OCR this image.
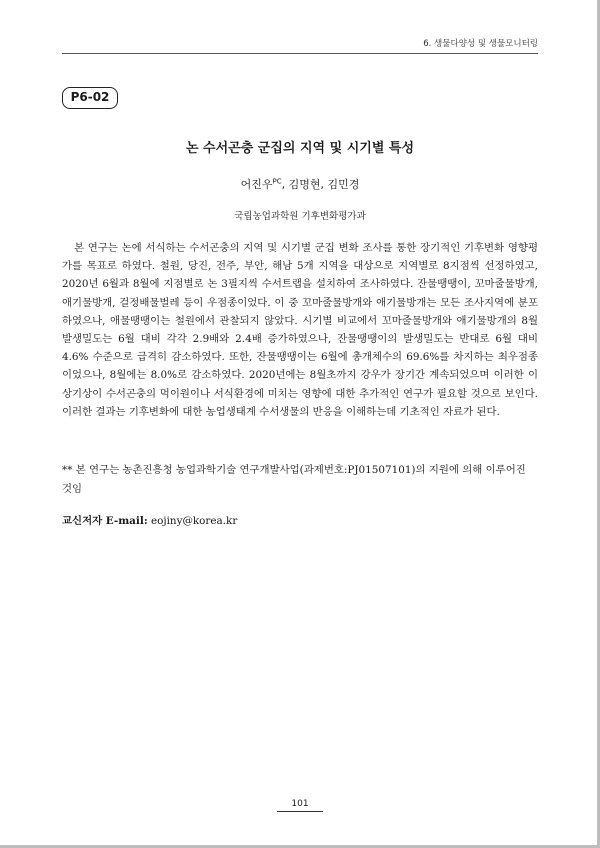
6. 생물다양성 및 생물모니터링
P6-02
논 수서곤충 군집의 지역 및 시기별 특성
어진우$^{PC}$, 김명현, 김민경
국립농업과학원 기후변화평가과

본 연구는 논에 서식하는 수서곤충의 지역 및 시기별 군집 변화 조사를 통한 장기적인 기후변화 영향평가를 목표로 하였다. 철원, 당진, 전주, 부안, 해남 5개 지역을 대상으로 지역별로 8지점씩 선정하였고, 2020년 6월과 8월에 지점별로 논 3필지씩 수서트랩을 설치하여 조사하였다. 잔물땡땡이, 꼬마줄물방개, 애기물방개, 걸정배물벌레 등이 우점종이었다. 이 중 꼬마줄물방개와 애기물방개는 모든 조사지역에 분포하였으나, 애물땡땡이는 철원에서 관찰되지 않았다. 시기별 비교에서 꼬마줄물방개와 애기물방개의 8월 발생밀도는 6월 대비 각각 2.9배와 2.4배 증가하였으나, 잔물땡땡이의 발생밀도는 반대로 6월 대비 4.6% 수준으로 급격히 감소하였다. 또한, 잔물땡땡이는 6월에 총개체수의 69.6%를 차지하는 최우점종이었으나, 8월에는 8.0%로 감소하였다. 2020년에는 8월초까지 강우가 장기간 계속되었으며 이러한 이상기상이 수서곤충의 먹이원이나 서식환경에 미치는 영향에 대한 추가적인 연구가 필요할 것으로 보인다. 이러한 결과는 기후변화에 대한 농업생태계 수서생물의 반응을 이해하는데 기초적인 자료가 된다.

** 본 연구는 농촌진흥청 농업과학기술 연구개발사업(과제번호:PJ01507101)의 지원에 의해 이루어진 것임

교신저자 E-mail: eojiny@korea.kr

101
